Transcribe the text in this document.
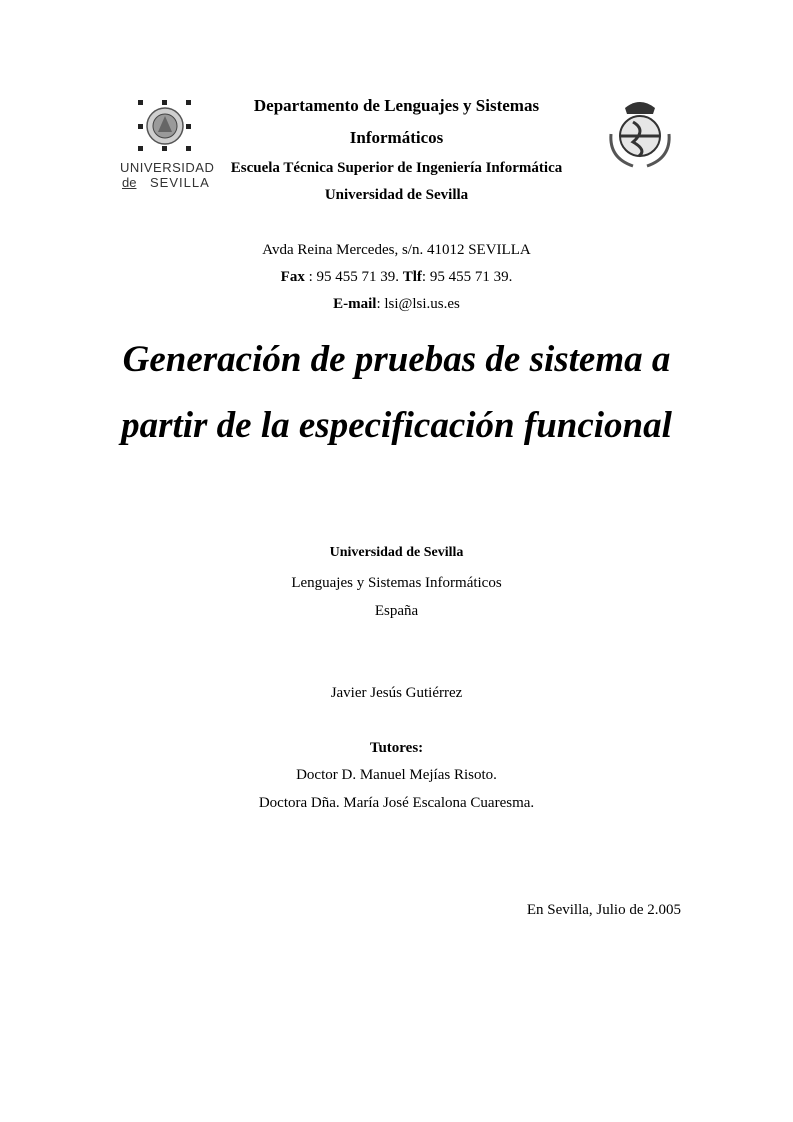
UNIVERSIDAD
de SEVILLA
Departamento de Lenguajes y Sistemas
Informáticos
Escuela Técnica Superior de Ingeniería Informática
Universidad de Sevilla
Avda Reina Mercedes, s/n. 41012 SEVILLA
Fax : 95 455 71 39. Tlf: 95 455 71 39.
E-mail: lsi@lsi.us.es
Generación de pruebas de sistema a
partir de la especificación funcional
Universidad de Sevilla
Lenguajes y Sistemas Informáticos
España
Javier Jesús Gutiérrez
Tutores:
Doctor D. Manuel Mejías Risoto.
Doctora Dña. María José Escalona Cuaresma.
En Sevilla, Julio de 2.005
